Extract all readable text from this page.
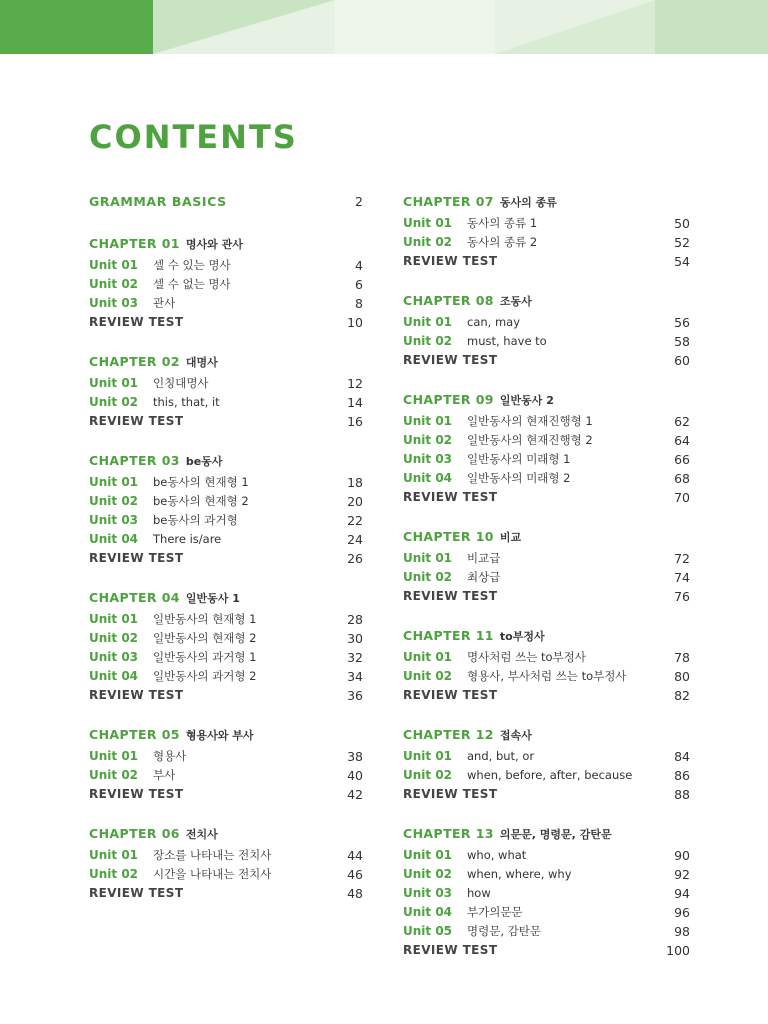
CONTENTS
GRAMMAR BASICS	2
CHAPTER 01 명사와 관사
Unit 01 셀 수 있는 명사	4
Unit 02 셀 수 없는 명사	6
Unit 03 관사	8
REVIEW TEST	10
CHAPTER 02 대명사
Unit 01 인칭대명사	12
Unit 02 this, that, it	14
REVIEW TEST	16
CHAPTER 03 be동사
Unit 01 be동사의 현재형 1	18
Unit 02 be동사의 현재형 2	20
Unit 03 be동사의 과거형	22
Unit 04 There is/are	24
REVIEW TEST	26
CHAPTER 04 일반동사 1
Unit 01 일반동사의 현재형 1	28
Unit 02 일반동사의 현재형 2	30
Unit 03 일반동사의 과거형 1	32
Unit 04 일반동사의 과거형 2	34
REVIEW TEST	36
CHAPTER 05 형용사와 부사
Unit 01 형용사	38
Unit 02 부사	40
REVIEW TEST	42
CHAPTER 06 전치사
Unit 01 장소를 나타내는 전치사	44
Unit 02 시간을 나타내는 전치사	46
REVIEW TEST	48
CHAPTER 07 동사의 종류
Unit 01 동사의 종류 1	50
Unit 02 동사의 종류 2	52
REVIEW TEST	54
CHAPTER 08 조동사
Unit 01 can, may	56
Unit 02 must, have to	58
REVIEW TEST	60
CHAPTER 09 일반동사 2
Unit 01 일반동사의 현재진행형 1	62
Unit 02 일반동사의 현재진행형 2	64
Unit 03 일반동사의 미래형 1	66
Unit 04 일반동사의 미래형 2	68
REVIEW TEST	70
CHAPTER 10 비교
Unit 01 비교급	72
Unit 02 최상급	74
REVIEW TEST	76
CHAPTER 11 to부정사
Unit 01 명사처럼 쓰는 to부정사	78
Unit 02 형용사, 부사처럼 쓰는 to부정사	80
REVIEW TEST	82
CHAPTER 12 접속사
Unit 01 and, but, or	84
Unit 02 when, before, after, because	86
REVIEW TEST	88
CHAPTER 13 의문문, 명령문, 감탄문
Unit 01 who, what	90
Unit 02 when, where, why	92
Unit 03 how	94
Unit 04 부가의문문	96
Unit 05 명령문, 감탄문	98
REVIEW TEST	100
